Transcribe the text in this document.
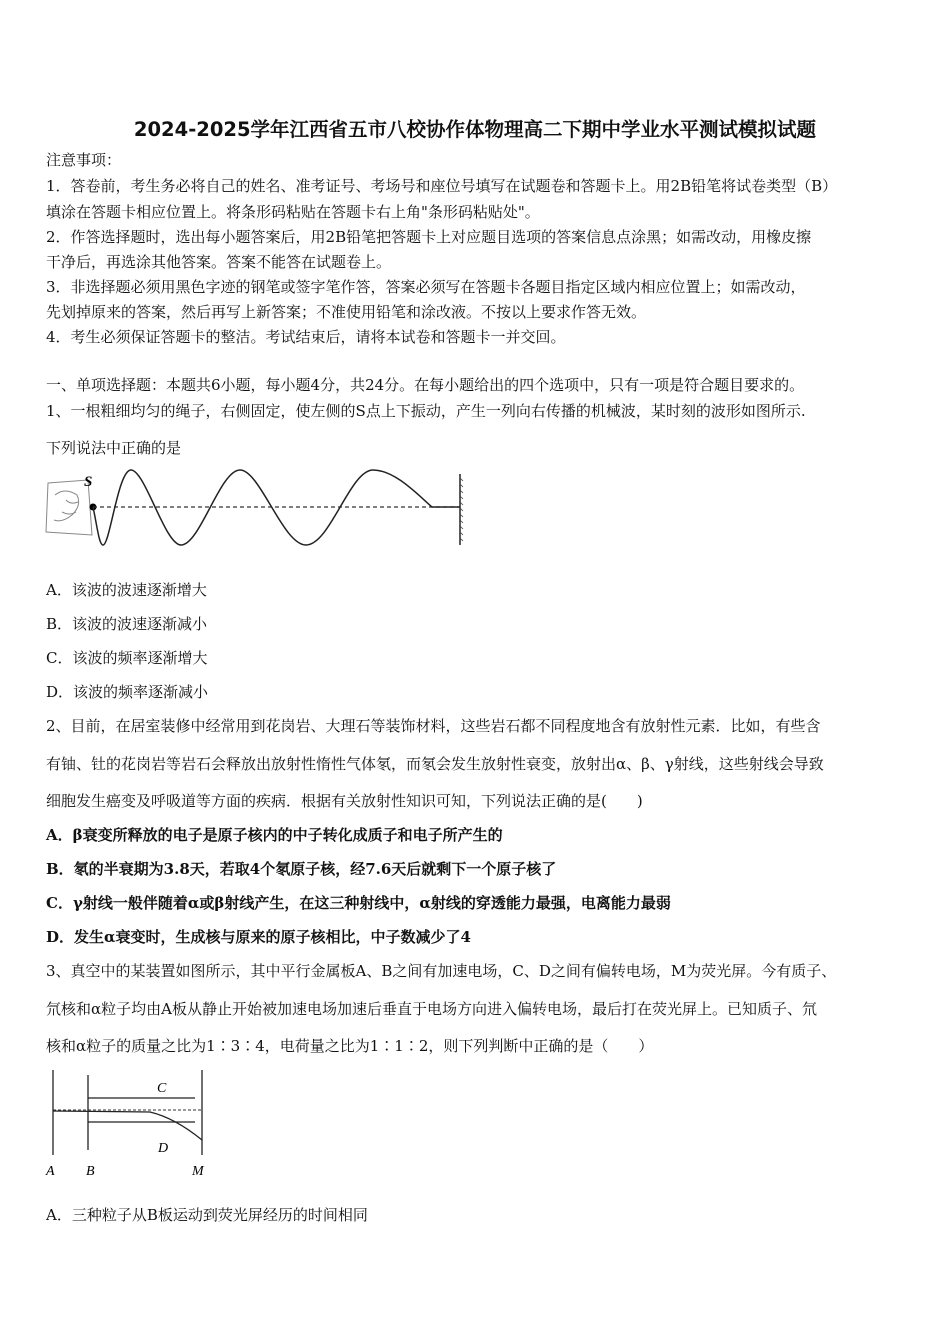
2024-2025学年江西省五市八校协作体物理高二下期中学业水平测试模拟试题
注意事项：
1．答卷前，考生务必将自己的姓名、准考证号、考场号和座位号填写在试题卷和答题卡上。用2B铅笔将试卷类型（B）
填涂在答题卡相应位置上。将条形码粘贴在答题卡右上角"条形码粘贴处"。
2．作答选择题时，选出每小题答案后，用2B铅笔把答题卡上对应题目选项的答案信息点涂黑；如需改动，用橡皮擦
干净后，再选涂其他答案。答案不能答在试题卷上。
3．非选择题必须用黑色字迹的钢笔或签字笔作答，答案必须写在答题卡各题目指定区域内相应位置上；如需改动，
先划掉原来的答案，然后再写上新答案；不准使用铅笔和涂改液。不按以上要求作答无效。
4．考生必须保证答题卡的整洁。考试结束后，请将本试卷和答题卡一并交回。
一、单项选择题：本题共6小题，每小题4分，共24分。在每小题给出的四个选项中，只有一项是符合题目要求的。
1、一根粗细均匀的绳子，右侧固定，使左侧的S点上下振动，产生一列向右传播的机械波，某时刻的波形如图所示.
下列说法中正确的是
S
A．该波的波速逐渐增大
B．该波的波速逐渐减小
C．该波的频率逐渐增大
D．该波的频率逐渐减小
2、目前，在居室装修中经常用到花岗岩、大理石等装饰材料，这些岩石都不同程度地含有放射性元素．比如，有些含
有铀、钍的花岗岩等岩石会释放出放射性惰性气体氡，而氡会发生放射性衰变，放射出α、β、γ射线，这些射线会导致
细胞发生癌变及呼吸道等方面的疾病．根据有关放射性知识可知，下列说法正确的是(　　)
A．β衰变所释放的电子是原子核内的中子转化成质子和电子所产生的
B．氡的半衰期为3.8天，若取4个氡原子核，经7.6天后就剩下一个原子核了
C．γ射线一般伴随着α或β射线产生，在这三种射线中，α射线的穿透能力最强，电离能力最弱
D．发生α衰变时，生成核与原来的原子核相比，中子数减少了4
3、真空中的某装置如图所示，其中平行金属板A、B之间有加速电场，C、D之间有偏转电场，M为荧光屏。今有质子、
氘核和α粒子均由A板从静止开始被加速电场加速后垂直于电场方向进入偏转电场，最后打在荧光屏上。已知质子、氘
核和α粒子的质量之比为1∶3∶4，电荷量之比为1∶1∶2，则下列判断中正确的是（　　）
A B
C
D
M
A．三种粒子从B板运动到荧光屏经历的时间相同
